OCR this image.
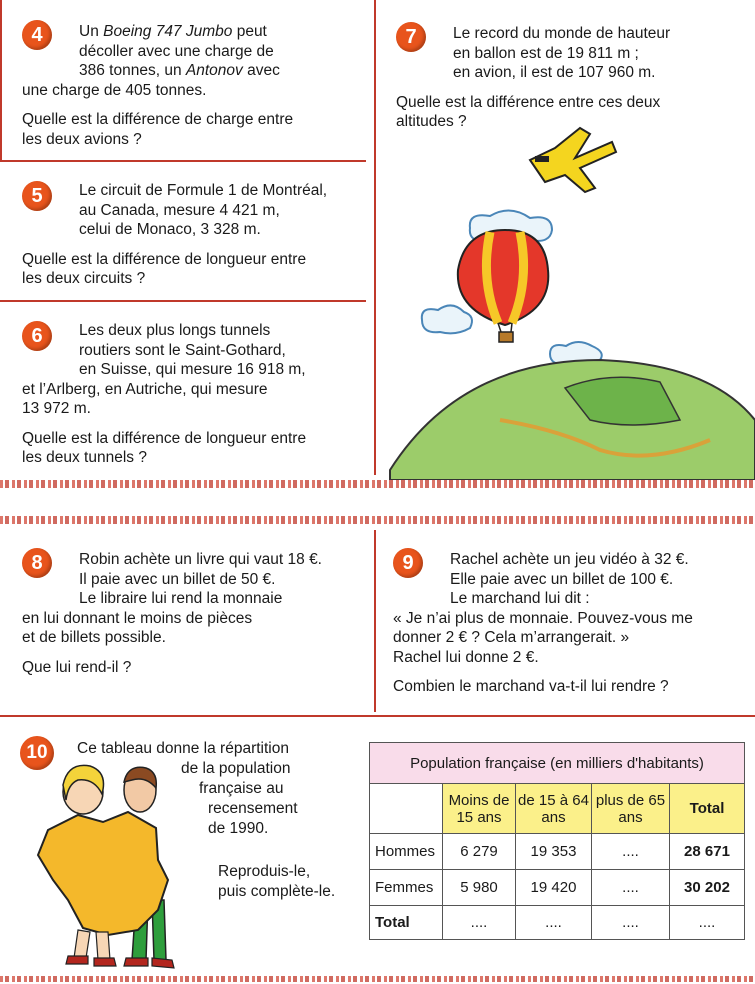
4	Un Boeing 747 Jumbo peut

décoller avec une charge de

386 tonnes, un Antonov avec

une charge de 405 tonnes.

Quelle est la différence de charge entre

les deux avions ?

5	Le circuit de Formule 1 de Montréal,

au Canada, mesure 4 421 m,

celui de Monaco, 3 328 m.

Quelle est la différence de longueur entre

les deux circuits ?

6	Les deux plus longs tunnels

routiers sont le Saint-Gothard,

en Suisse, qui mesure 16 918 m,

et l’Arlberg, en Autriche, qui mesure

13 972 m.

Quelle est la différence de longueur entre

les deux tunnels ?

7	Le record du monde de hauteur

en ballon est de 19 811 m ;

en avion, il est de 107 960 m.

Quelle est la différence entre ces deux

altitudes ?

8	Robin achète un livre qui vaut 18 €.

Il paie avec un billet de 50 €.

Le libraire lui rend la monnaie

en lui donnant le moins de pièces

et de billets possible.

Que lui rend-il ?

9	Rachel achète un jeu vidéo à 32 €.

Elle paie avec un billet de 100 €.

Le marchand lui dit :

« Je n’ai plus de monnaie. Pouvez-vous me

donner 2 € ? Cela m’arrangerait. »

Rachel lui donne 2 €.

Combien le marchand va-t-il lui rendre ?

10	Ce tableau donne la répartition
de la population
française au
recensement
de 1990.
Reproduis-le,
puis complète-le.
Population française (en milliers d'habitants)				
	Moins de 15 ans	de 15 à 64 ans	plus de 65 ans	Total
Hommes	6 279	19 353	....	28 671
Femmes	5 980	19 420	....	30 202
Total	....	....	....	....
